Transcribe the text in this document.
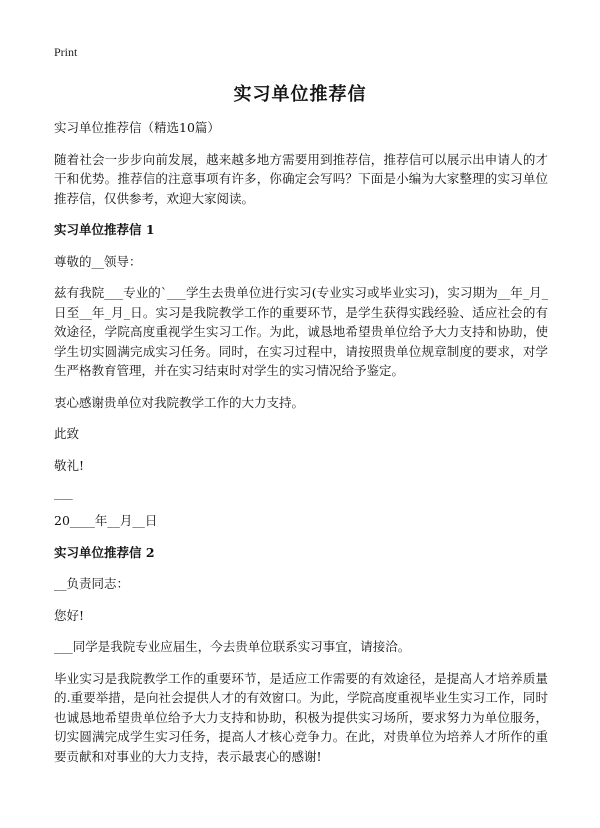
Print
实习单位推荐信

实习单位推荐信（精选10篇）

随着社会一步步向前发展，越来越多地方需要用到推荐信，推荐信可以展示出申请人的才干和优势。推荐信的注意事项有许多，你确定会写吗？下面是小编为大家整理的实习单位推荐信，仅供参考，欢迎大家阅读。

实习单位推荐信 1

尊敬的__领导：

兹有我院___专业的`___学生去贵单位进行实习(专业实习或毕业实习)，实习期为__年_月_日至__年_月_日。实习是我院教学工作的重要环节，是学生获得实践经验、适应社会的有效途径，学院高度重视学生实习工作。为此，诚恳地希望贵单位给予大力支持和协助，使学生切实圆满完成实习任务。同时，在实习过程中，请按照贵单位规章制度的要求，对学生严格教育管理，并在实习结束时对学生的实习情况给予鉴定。

衷心感谢贵单位对我院教学工作的大力支持。

此致

敬礼!

___

20____年__月__日

实习单位推荐信 2

__负责同志：

您好!

___同学是我院专业应届生，今去贵单位联系实习事宜，请接洽。

毕业实习是我院教学工作的重要环节，是适应工作需要的有效途径，是提高人才培养质量的.重要举措，是向社会提供人才的有效窗口。为此，学院高度重视毕业生实习工作，同时也诚恳地希望贵单位给予大力支持和协助，积极为提供实习场所，要求努力为单位服务，切实圆满完成学生实习任务，提高人才核心竞争力。在此，对贵单位为培养人才所作的重要贡献和对事业的大力支持，表示最衷心的感谢!
